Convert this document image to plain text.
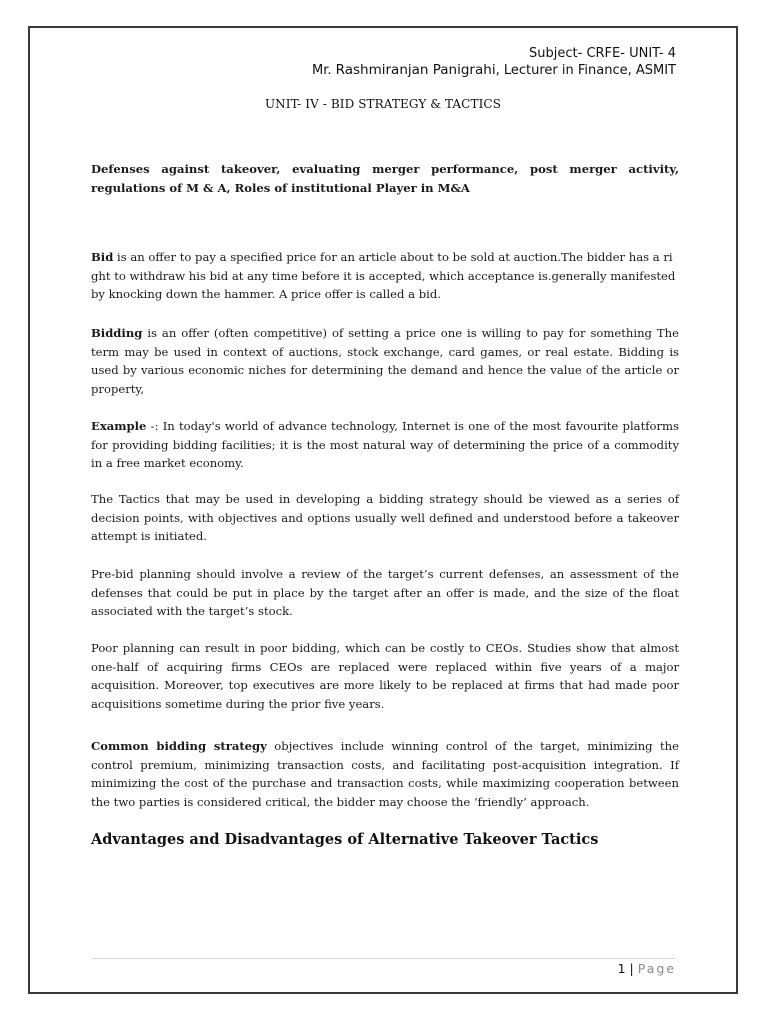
Subject- CRFE- UNIT- 4
Mr. Rashmiranjan Panigrahi, Lecturer in Finance, ASMIT
UNIT- IV - BID STRATEGY & TACTICS
Defenses against takeover, evaluating merger performance, post merger activity, regulations of M & A, Roles of institutional Player in M&A

Bid is an offer to pay a specified price for an article about to be sold at auction.The bidder has a right to withdraw his bid at any time before it is accepted, which acceptance is.generally manifested by knocking down the hammer. A price offer is called a bid.

Bidding is an offer (often competitive) of setting a price one is willing to pay for something The term may be used in context of auctions, stock exchange, card games, or real estate. Bidding is used by various economic niches for determining the demand and hence the value of the article or property,

Example -: In today's world of advance technology, Internet is one of the most favourite platforms for providing bidding facilities; it is the most natural way of determining the price of a commodity in a free market economy.

The Tactics that may be used in developing a bidding strategy should be viewed as a series of decision points, with objectives and options usually well defined and understood before a takeover attempt is initiated.

Pre-bid planning should involve a review of the target’s current defenses, an assessment of the defenses that could be put in place by the target after an offer is made, and the size of the float associated with the target’s stock.

Poor planning can result in poor bidding, which can be costly to CEOs. Studies show that almost one-half of acquiring firms CEOs are replaced were replaced within five years of a major acquisition. Moreover, top executives are more likely to be replaced at firms that had made poor acquisitions sometime during the prior five years.

Common bidding strategy objectives include winning control of the target, minimizing the control premium, minimizing transaction costs, and facilitating post-acquisition integration. If minimizing the cost of the purchase and transaction costs, while maximizing cooperation between the two parties is considered critical, the bidder may choose the ‘friendly’ approach.

Advantages and Disadvantages of Alternative Takeover Tactics
1 | Page
